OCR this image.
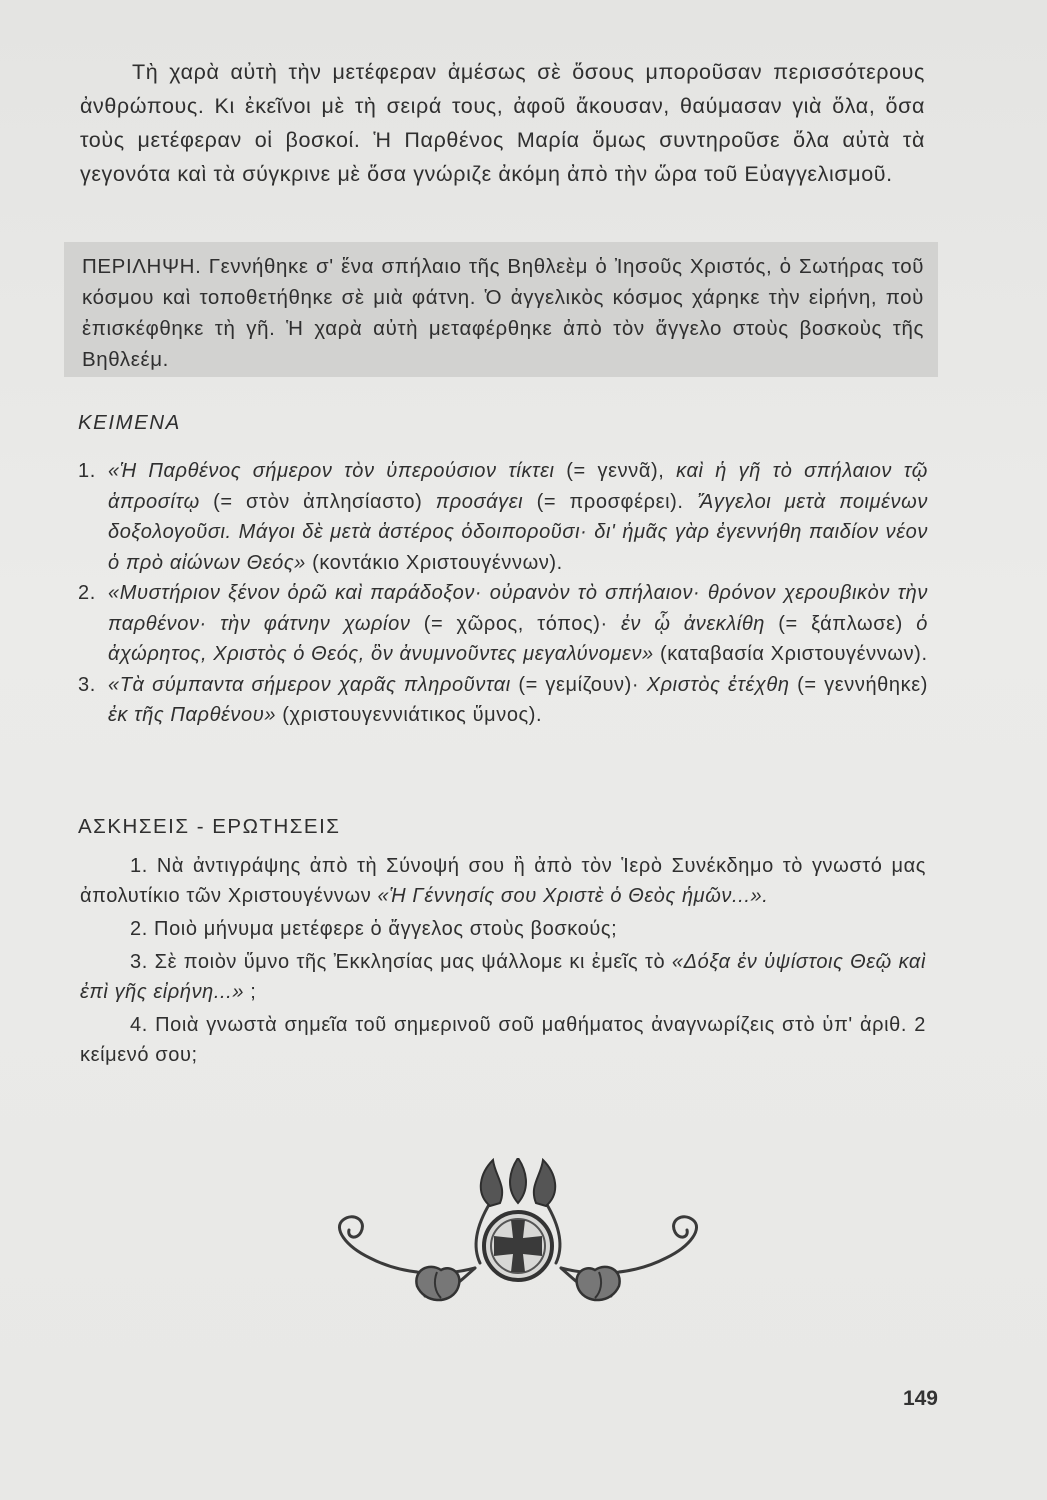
Τὴ χαρὰ αὐτὴ τὴν μετέφεραν ἀμέσως σὲ ὅσους μποροῦσαν περισσότερους ἀνθρώπους. Κι ἐκεῖνοι μὲ τὴ σειρά τους, ἀφοῦ ἄκουσαν, θαύμασαν γιὰ ὅλα, ὅσα τοὺς μετέφεραν οἱ βοσκοί. Ἡ Παρθένος Μαρία ὅμως συντηροῦσε ὅλα αὐτὰ τὰ γεγονότα καὶ τὰ σύγκρινε μὲ ὅσα γνώριζε ἀκόμη ἀπὸ τὴν ὥρα τοῦ Εὐαγγελισμοῦ.

ΠΕΡΙΛΗΨΗ. Γεννήθηκε σ' ἕνα σπήλαιο τῆς Βηθλεὲμ ὁ Ἰησοῦς Χριστός, ὁ Σωτήρας τοῦ κόσμου καὶ τοποθετήθηκε σὲ μιὰ φάτνη. Ὁ ἀγγελικὸς κόσμος χάρηκε τὴν εἰρήνη, ποὺ ἐπισκέφθηκε τὴ γῆ. Ἡ χαρὰ αὐτὴ μεταφέρθηκε ἀπὸ τὸν ἄγγελο στοὺς βοσκοὺς τῆς Βηθλεέμ.

ΚΕΙΜΕΝΑ
1. «Ἡ Παρθένος σήμερον τὸν ὑπερούσιον τίκτει (= γεννᾶ), καὶ ἡ γῆ τὸ σπήλαιον τῷ ἀπροσίτῳ (= στὸν ἀπλησίαστο) προσάγει (= προσφέρει). Ἄγγελοι μετὰ ποιμένων δοξολογοῦσι. Μάγοι δὲ μετὰ ἀστέρος ὁδοιποροῦσι· δι' ἡμᾶς γὰρ ἐγεννήθη παιδίον νέον ὁ πρὸ αἰώνων Θεός» (κοντάκιο Χριστουγέννων).
2. «Μυστήριον ξένον ὁρῶ καὶ παράδοξον· οὐρανὸν τὸ σπήλαιον· θρόνον χερουβικὸν τὴν παρθένον· τὴν φάτνην χωρίον (= χῶρος, τόπος)· ἐν ᾧ ἀνεκλίθη (= ξάπλωσε) ὁ ἀχώρητος, Χριστὸς ὁ Θεός, ὃν ἀνυμνοῦντες μεγαλύνομεν» (καταβασία Χριστουγέννων).
3. «Τὰ σύμπαντα σήμερον χαρᾶς πληροῦνται (= γεμίζουν)· Χριστὸς ἐτέχθη (= γεννήθηκε) ἐκ τῆς Παρθένου» (χριστουγεννιάτικος ὕμνος).
ΑΣΚΗΣΕΙΣ - ΕΡΩΤΗΣΕΙΣ

1. Νὰ ἀντιγράψης ἀπὸ τὴ Σύνοψή σου ἢ ἀπὸ τὸν Ἱερὸ Συνέκδημο τὸ γνωστό μας ἀπολυτίκιο τῶν Χριστουγέννων «Ἡ Γέννησίς σου Χριστὲ ὁ Θεὸς ἡμῶν...».

2. Ποιὸ μήνυμα μετέφερε ὁ ἄγγελος στοὺς βοσκούς;

3. Σὲ ποιὸν ὕμνο τῆς Ἐκκλησίας μας ψάλλομε κι ἐμεῖς τὸ «Δόξα ἐν ὑψίστοις Θεῷ καὶ ἐπὶ γῆς εἰρήνη...» ;

4. Ποιὰ γνωστὰ σημεῖα τοῦ σημερινοῦ σοῦ μαθήματος ἀναγνωρίζεις στὸ ὑπ' ἀριθ. 2 κείμενό σου;

149
